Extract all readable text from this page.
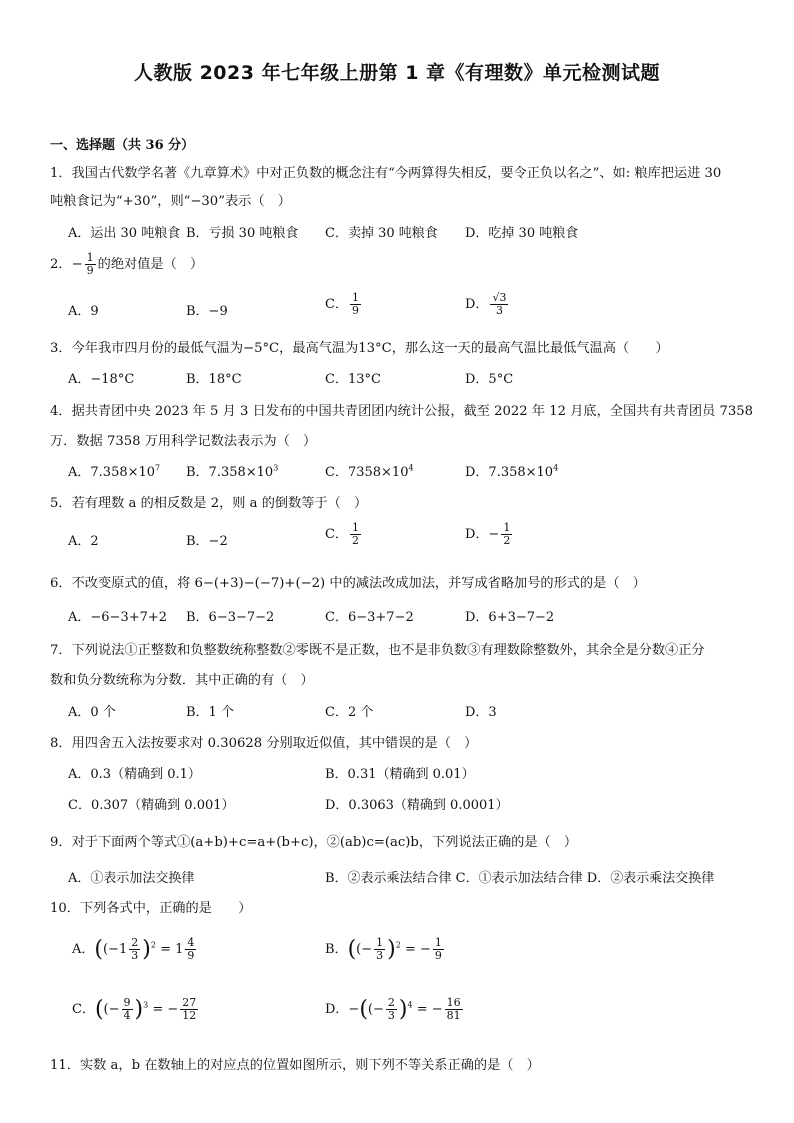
人教版 2023 年七年级上册第 1 章《有理数》单元检测试题
一、选择题（共 36 分）
1．我国古代数学名著《九章算术》中对正负数的概念注有“今两算得失相反，要令正负以名之”、如: 粮库把运进 30
吨粮食记为“+30”，则“−30”表示（　）
A．运出 30 吨粮食 B．亏损 30 吨粮食 C．卖掉 30 吨粮食 D．吃掉 30 吨粮食
2．− $\frac{1}{9}$ 的绝对值是（　）
A．9	B．−9	C． $\frac{1}{9}$	D． $\frac{√3}{3}$
3．今年我市四月份的最低气温为−5°C，最高气温为13°C，那么这一天的最高气温比最低气温高（　　）
A．−18°C	B．18°C	C．13°C	D．5°C
4．据共青团中央 2023 年 5 月 3 日发布的中国共青团团内统计公报，截至 2022 年 12 月底，全国共有共青团员 7358
万．数据 7358 万用科学记数法表示为（　）
A．$7.358\times 10^7$ B．$7.358\times 10^3$	C．$7358\times 10^4$	D．$7.358\times 10^4$
5．若有理数 a 的相反数是 2，则 a 的倒数等于（　）
A．2	B．−2	C． $\frac{1}{2}$	D．− $\frac{1}{2}$
6．不改变原式的值，将 6−(+3)−(−7)+(−2) 中的减法改成加法，并写成省略加号的形式的是（　）
A．−6−3+7+2 B．6−3−7−2	C．6−3+7−2	D．6+3−7−2
7．下列说法①正整数和负整数统称整数②零既不是正数，也不是非负数③有理数除整数外，其余全是分数④正分
数和负分数统称为分数．其中正确的有（　）
A．0 个	B．1 个	C．2 个	D．3
8．用四舍五入法按要求对 0.30628 分别取近似值，其中错误的是（　）
A．0.3（精确到 0.1）	B．0.31（精确到 0.01）
C．0.307（精确到 0.001）	D．0.3063（精确到 0.0001）
9．对于下面两个等式①(a+b)+c=a+(b+c)，②(ab)c=(ac)b，下列说法正确的是（　）
A．①表示加法交换律	B．②表示乘法结合律 C．①表示加法结合律 D．②表示乘法交换律
10．下列各式中，正确的是　　）
A．($(-1 \frac{2}{3} )^2 = 1 \frac{4}{9}$	B．((− $\frac{1}{3} )^2$ = − $\frac{1}{9}$
C．((− $\frac{9}{4} )^3$ = − $\frac{27}{12}$	D．−((− $\frac{2}{3} )^4$ = − $\frac{16}{81}$
11．实数 a，b 在数轴上的对应点的位置如图所示，则下列不等关系正确的是（　）
